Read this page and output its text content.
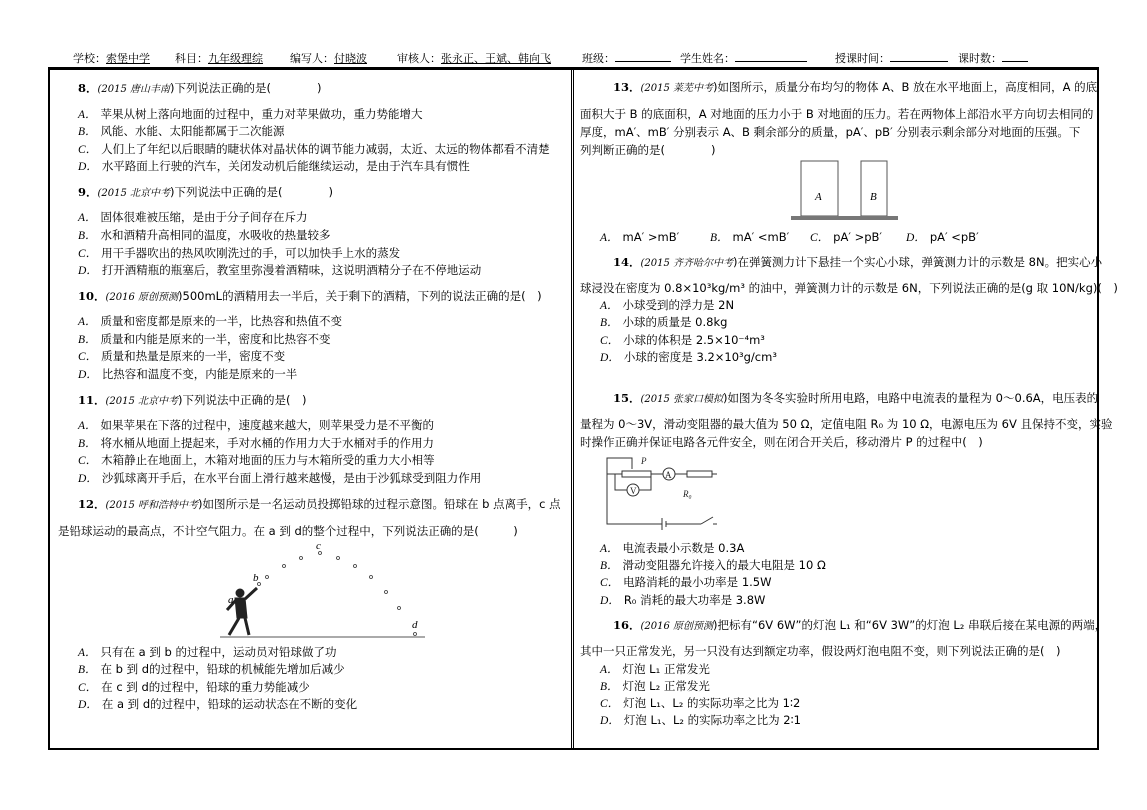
学校：索堡中学 科目：九年级理综 编写人：付晓波	审核人：张永正、王斌、韩向飞	班级：	学生姓名：	授课时间：	课时数：
8．(2015 唐山丰南)下列说法正确的是(　　　　)
A． 苹果从树上落向地面的过程中，重力对苹果做功，重力势能增大
B． 风能、水能、太阳能都属于二次能源
C． 人们上了年纪以后眼睛的睫状体对晶状体的调节能力减弱，太近、太远的物体都看不清楚
D． 水平路面上行驶的汽车，关闭发动机后能继续运动，是由于汽车具有惯性
9．(2015 北京中考)下列说法中正确的是(　　　　)
A． 固体很难被压缩，是由于分子间存在斥力
B． 水和酒精升高相同的温度，水吸收的热量较多
C． 用干手器吹出的热风吹刚洗过的手，可以加快手上水的蒸发
D． 打开酒精瓶的瓶塞后，教室里弥漫着酒精味，这说明酒精分子在不停地运动
10．(2016 原创预测)500mL的酒精用去一半后，关于剩下的酒精，下列的说法正确的是(　)
A． 质量和密度都是原来的一半，比热容和热值不变
B． 质量和内能是原来的一半，密度和比热容不变
C． 质量和热量是原来的一半，密度不变
D． 比热容和温度不变，内能是原来的一半
11．(2015 北京中考)下列说法中正确的是(　)
A． 如果苹果在下落的过程中，速度越来越大，则苹果受力是不平衡的
B． 将水桶从地面上提起来，手对水桶的作用力大于水桶对手的作用力
C． 木箱静止在地面上，木箱对地面的压力与木箱所受的重力大小相等
D． 沙狐球离开手后，在水平台面上滑行越来越慢，是由于沙狐球受到阻力作用
12．(2015 呼和浩特中考)如图所示是一名运动员投掷铅球的过程示意图。铅球在 b 点离手，c 点
是铅球运动的最高点，不计空气阻力。在 a 到 d的整个过程中，下列说法正确的是(　　　)
A． 只有在 a 到 b 的过程中，运动员对铅球做了功
B． 在 b 到 d的过程中，铅球的机械能先增加后减少
C． 在 c 到 d的过程中，铅球的重力势能减少
D． 在 a 到 d的过程中，铅球的运动状态在不断的变化
13．(2015 莱芜中考)如图所示，质量分布均匀的物体 A、B 放在水平地面上，高度相同，A 的底
面积大于 B 的底面积，A 对地面的压力小于 B 对地面的压力。若在两物体上部沿水平方向切去相同的
厚度，mA′、mB′ 分别表示 A、B 剩余部分的质量，pA′、pB′ 分别表示剩余部分对地面的压强。下
列判断正确的是(　　　　)
A． mA′ >mB′	B． mA′ <mB′ C． pA′ >pB′ D． pA′ <pB′
14．(2015 齐齐哈尔中考)在弹簧测力计下悬挂一个实心小球，弹簧测力计的示数是 8N。把实心小
球浸没在密度为 0.8×10³kg/m³ 的油中，弹簧测力计的示数是 6N，下列说法正确的是(g 取 10N/kg)(　)
A． 小球受到的浮力是 2N
B． 小球的质量是 0.8kg
C． 小球的体积是 2.5×10⁻⁴m³
D． 小球的密度是 3.2×10³g/cm³
15．(2015 张家口模拟)如图为冬冬实验时所用电路，电路中电流表的量程为 0～0.6A，电压表的
量程为 0～3V，滑动变阻器的最大值为 50 Ω，定值电阻 R₀ 为 10 Ω，电源电压为 6V 且保持不变，实验
时操作正确并保证电路各元件安全，则在闭合开关后，移动滑片 P 的过程中(　)
A． 电流表最小示数是 0.3A
B． 滑动变阻器允许接入的最大电阻是 10 Ω
C． 电路消耗的最小功率是 1.5W
D． R₀ 消耗的最大功率是 3.8W
16．(2016 原创预测)把标有“6V 6W”的灯泡 L₁ 和“6V 3W”的灯泡 L₂ 串联后接在某电源的两端，
其中一只正常发光，另一只没有达到额定功率，假设两灯泡电阻不变，则下列说法正确的是(　)
A． 灯泡 L₁ 正常发光
B． 灯泡 L₂ 正常发光
C． 灯泡 L₁、L₂ 的实际功率之比为 1∶2
D． 灯泡 L₁、L₂ 的实际功率之比为 2∶1
a
b
c
d
A	B
P
A
V	R₀
